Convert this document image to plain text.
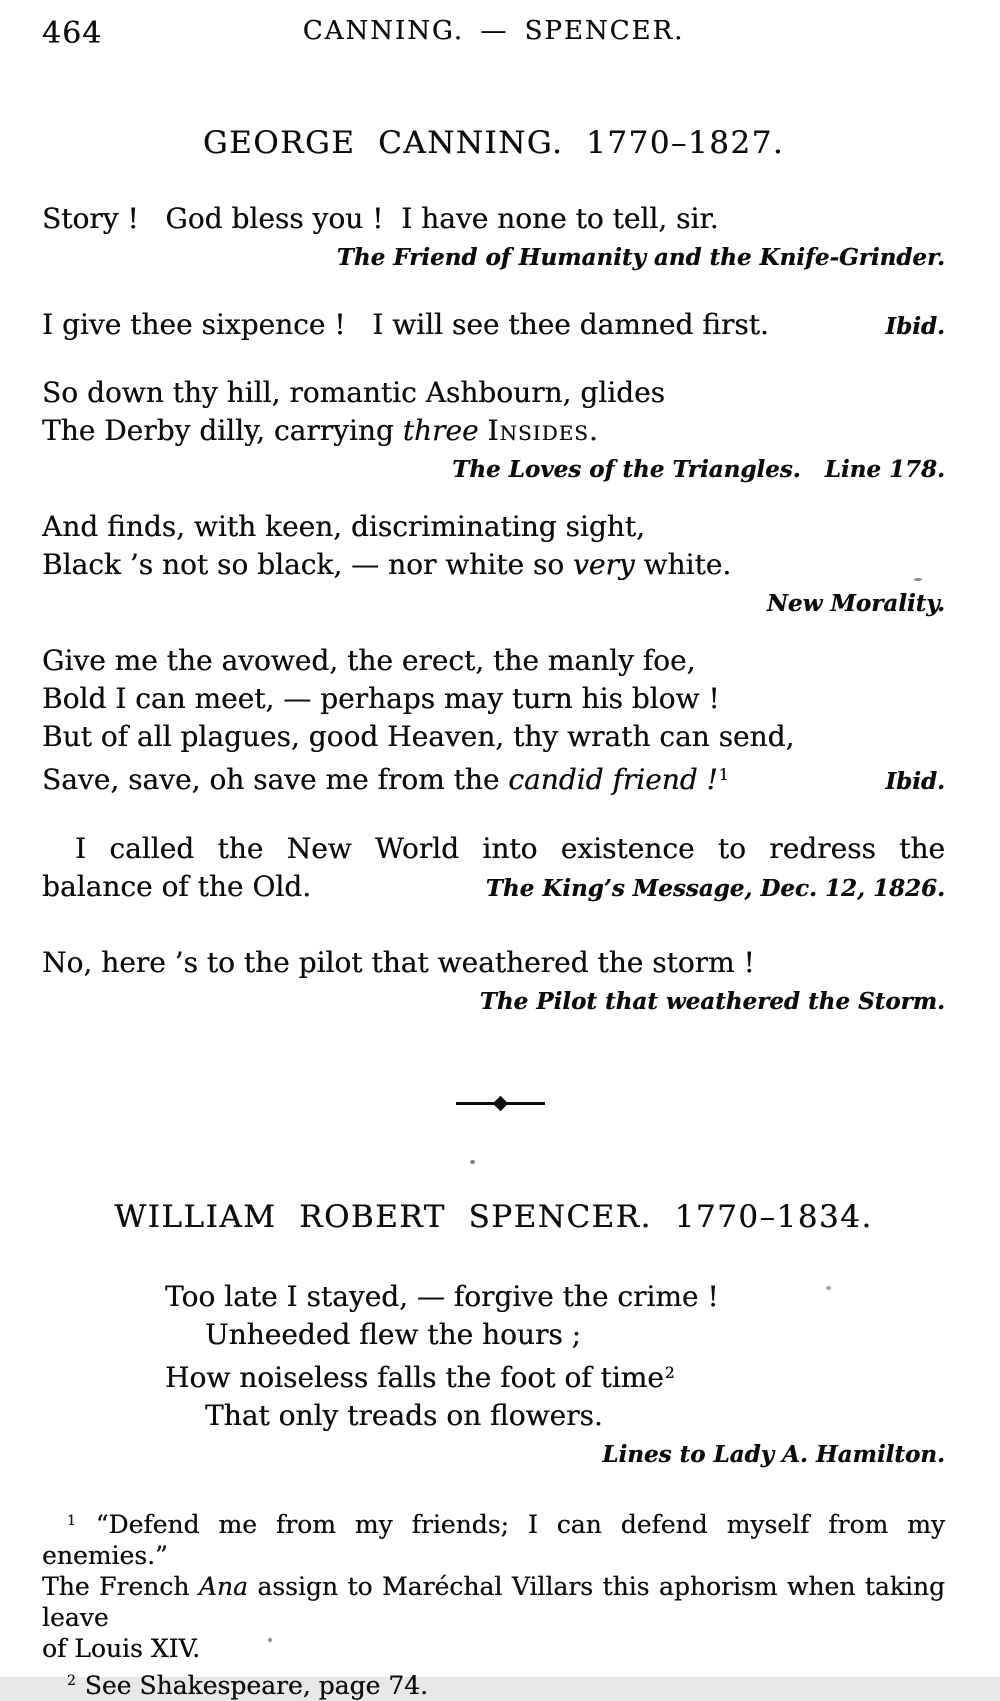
464	CANNING. — SPENCER.
GEORGE  CANNING.  1770–1827.
Story !   God bless you !  I have none to tell, sir.
The Friend of Humanity and the Knife-Grinder.
I give thee sixpence !   I will see thee damned first.	Ibid.
So down thy hill, romantic Ashbourn, glides
The Derby dilly, carrying three Insides.
The Loves of the Triangles.   Line 178.
And finds, with keen, discriminating sight,
Black ’s not so black, — nor white so very white.
New Morality.
Give me the avowed, the erect, the manly foe,
Bold I can meet, — perhaps may turn his blow !
But of all plagues, good Heaven, thy wrath can send,
Save, save, oh save me from the candid friend !$^1$	Ibid.
I called the New World into existence to redress the
balance of the Old.	The King’s Message, Dec. 12, 1826.
No, here ’s to the pilot that weathered the storm !
The Pilot that weathered the Storm.
WILLIAM  ROBERT  SPENCER.  1770–1834.
Too late I stayed, — forgive the crime !
Unheeded flew the hours ;
How noiseless falls the foot of time$^2$
That only treads on flowers.
Lines to Lady A. Hamilton.

$^1$ “Defend me from my friends; I can defend myself from my enemies.”
The French Ana assign to Maréchal Villars this aphorism when taking leave
of Louis XIV.

$^2$ See Shakespeare, page 74.
